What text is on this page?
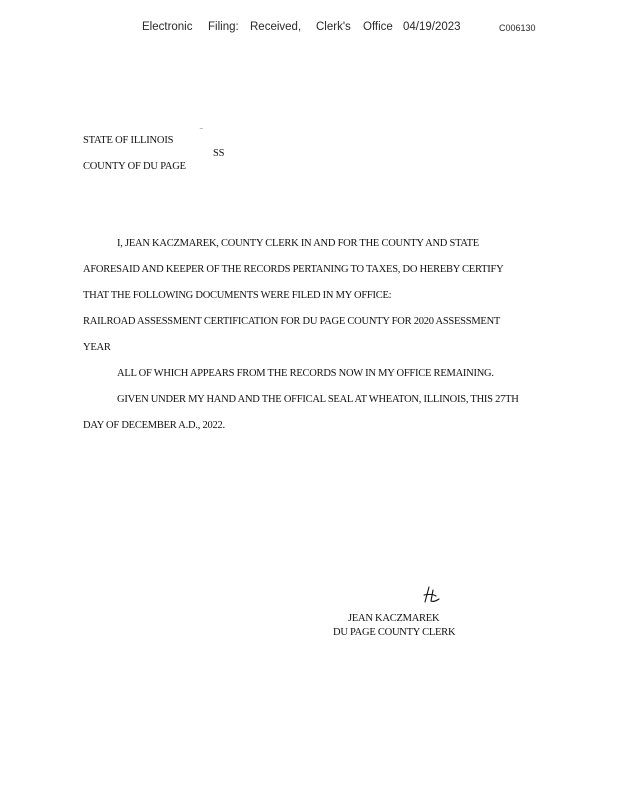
Electronic Filing: Received, Clerk's Office 04/19/2023	C006130
STATE OF ILLINOIS
‾
SS
COUNTY OF DU PAGE

I, JEAN KACZMAREK, COUNTY CLERK IN AND FOR THE COUNTY AND STATE AFORESAID AND KEEPER OF THE RECORDS PERTANING TO TAXES, DO HEREBY CERTIFY THAT THE FOLLOWING DOCUMENTS WERE FILED IN MY OFFICE:

RAILROAD ASSESSMENT CERTIFICATION FOR DU PAGE COUNTY FOR 2020 ASSESSMENT YEAR

ALL OF WHICH APPEARS FROM THE RECORDS NOW IN MY OFFICE REMAINING.

GIVEN UNDER MY HAND AND THE OFFICAL SEAL AT WHEATON, ILLINOIS, THIS 27TH DAY OF DECEMBER A.D., 2022.

JEAN KACZMAREK
DU PAGE COUNTY CLERK
